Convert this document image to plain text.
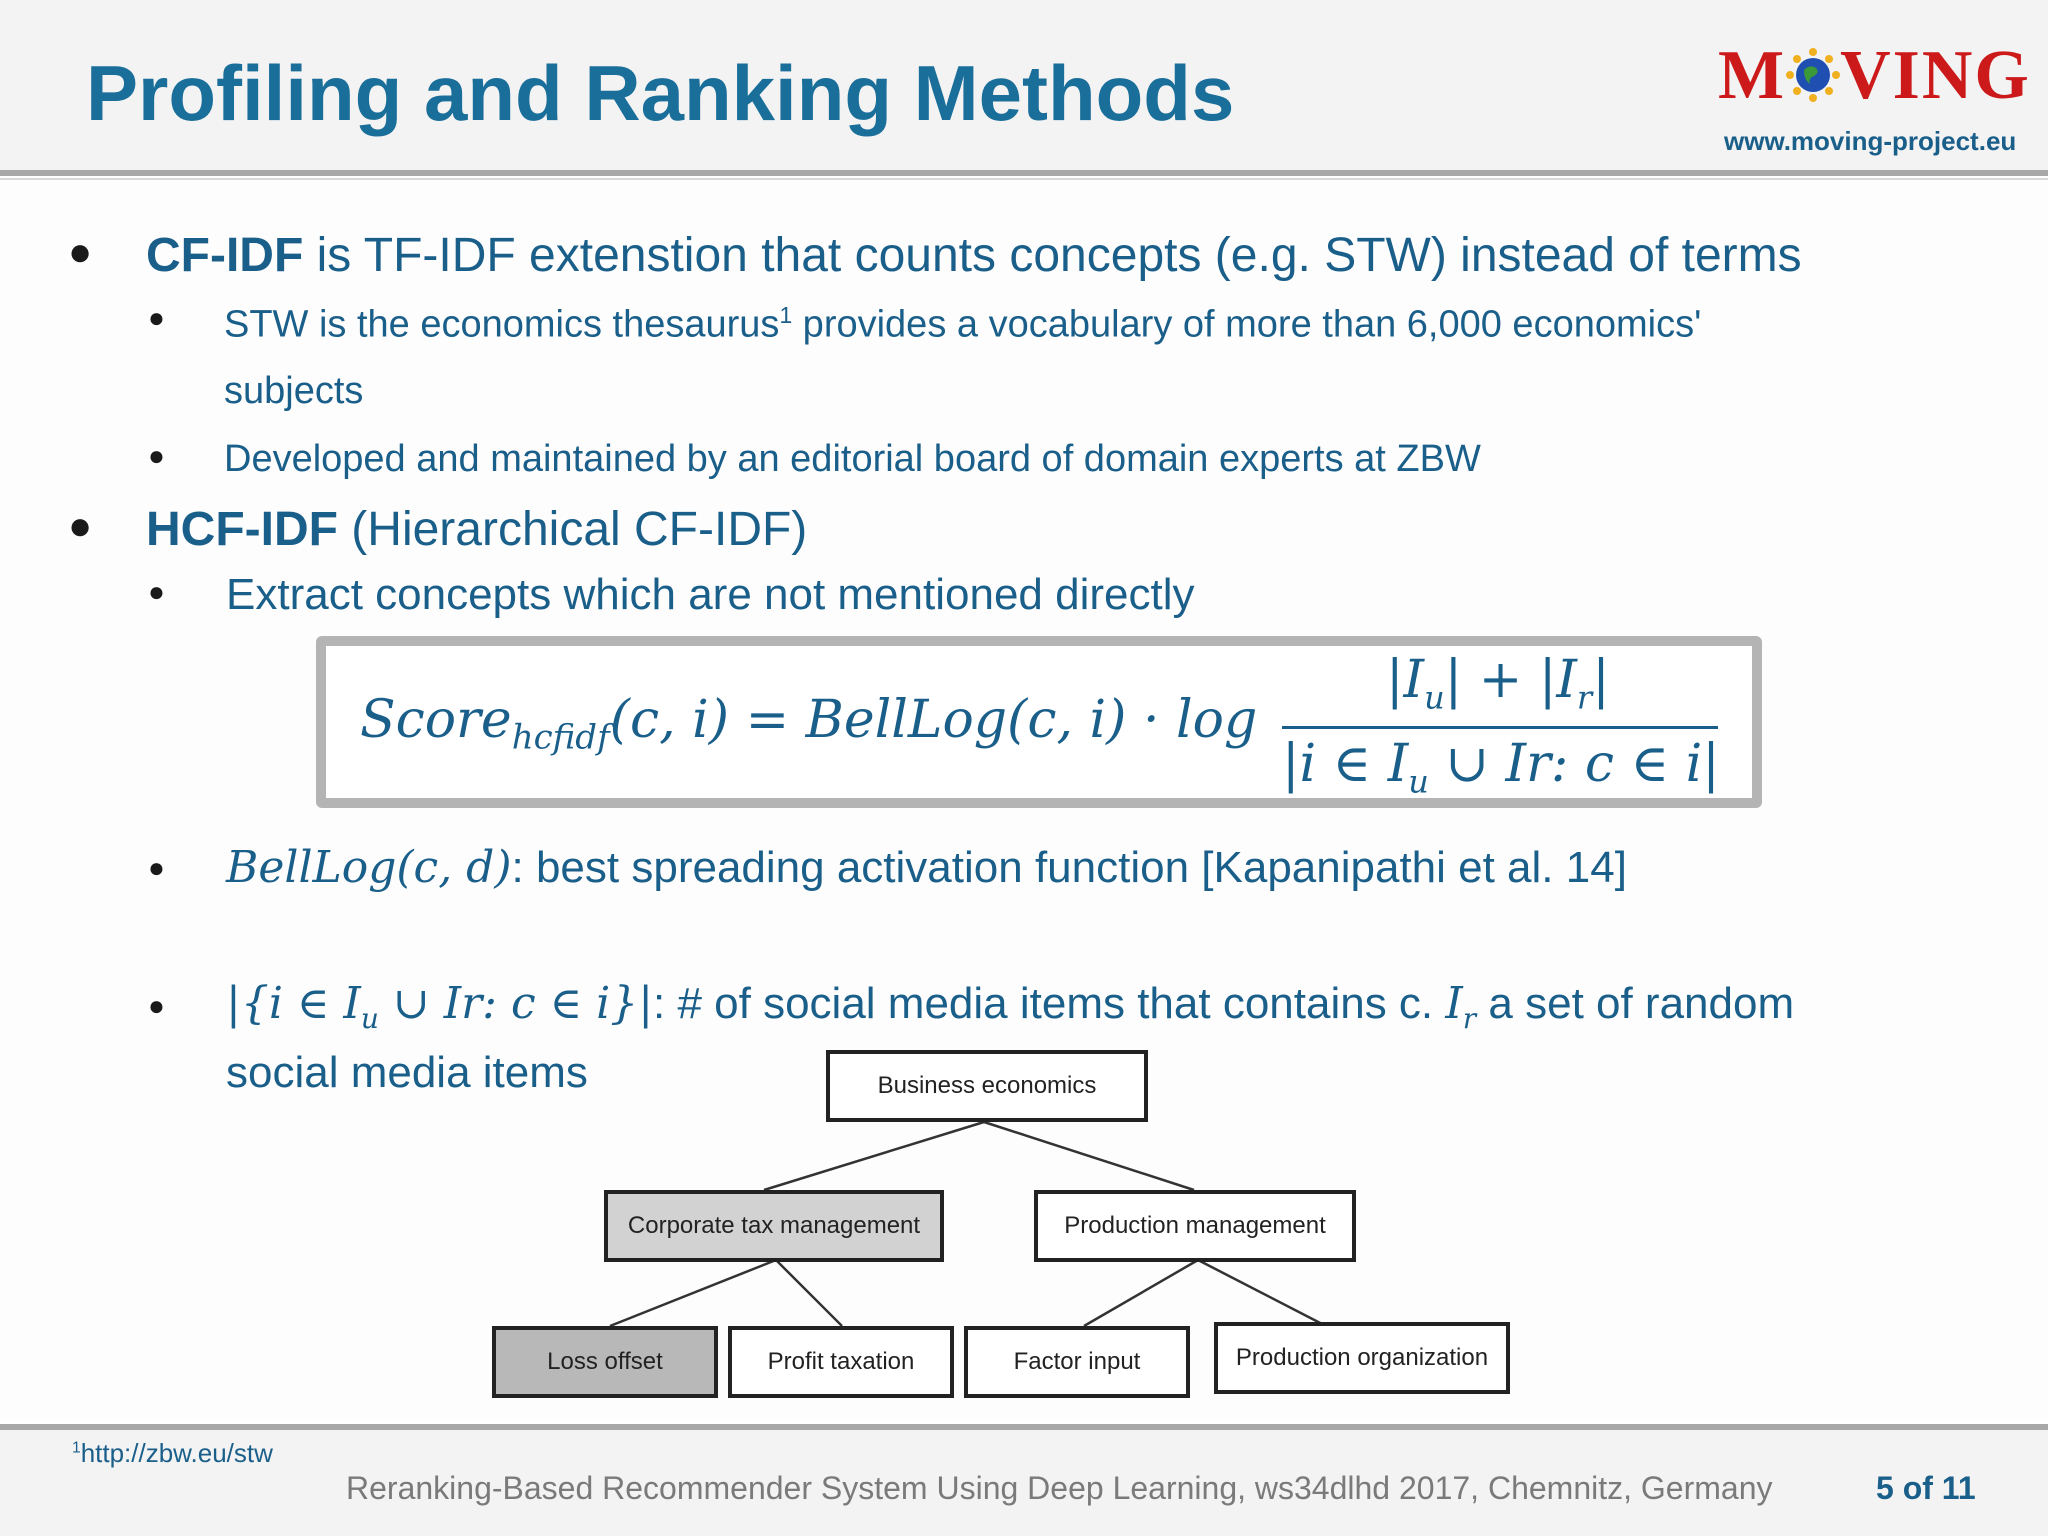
Profiling and Ranking Methods	M VING
www.moving-project.eu
● CF-IDF is TF-IDF extenstion that counts concepts (e.g. STW) instead of terms
● STW is the economics thesaurus$^1$ provides a vocabulary of more than 6,000 economics'
subjects
● Developed and maintained by an editorial board of domain experts at ZBW
● HCF-IDF (Hierarchical CF-IDF)
● Extract concepts which are not mentioned directly
Score$_{hcfidf}$(c, i) = BellLog(c, i) · log
$|I_u| + |I_r|$
|i ∈ $I_u$ ∪ Ir: c ∈ i|
● BellLog(c, d): best spreading activation function [Kapanipathi et al. 14]
● |{i ∈ $I_u$ ∪ Ir: c ∈ i}|: # of social media items that contains c. $I_r$ a set of random
social media items	Business economics
Corporate tax management	Production management
Loss offset	Profit taxation	Factor input	Production organization
$^1$http://zbw.eu/stw
Reranking-Based Recommender System Using Deep Learning, ws34dlhd 2017, Chemnitz, Germany	5 of 11
